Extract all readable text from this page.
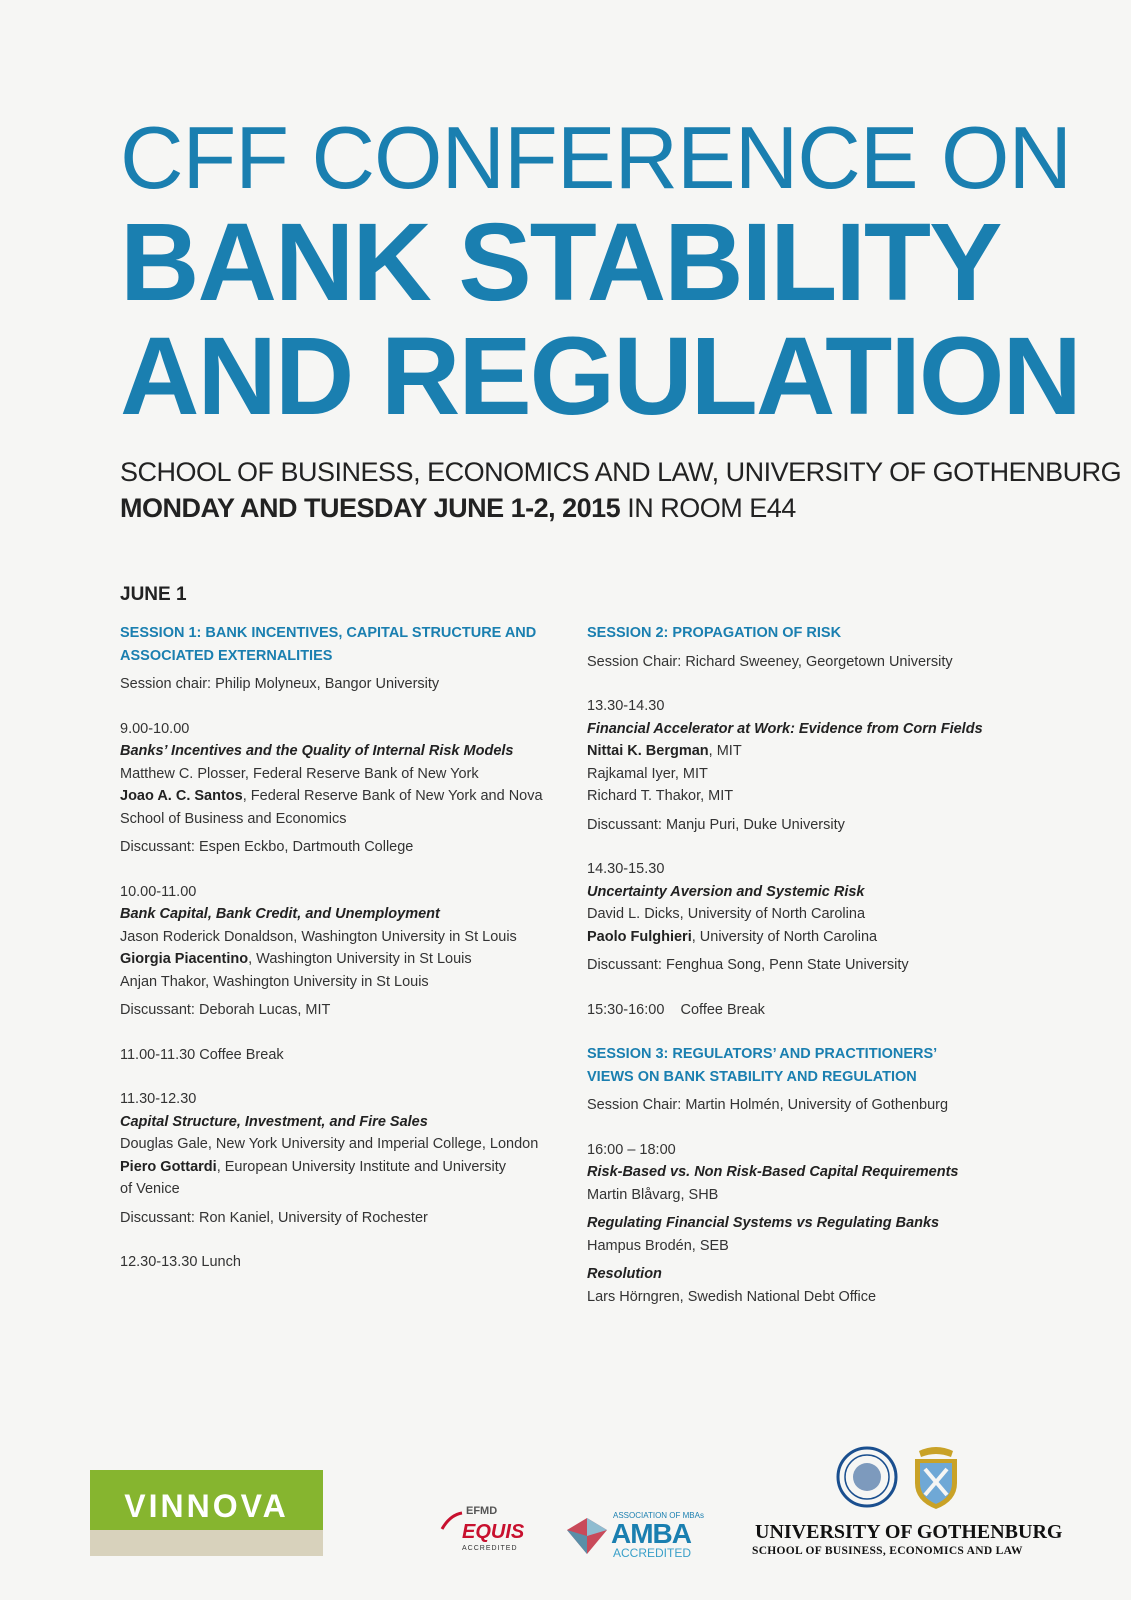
CFF CONFERENCE ON
BANK STABILITY
AND REGULATION
SCHOOL OF BUSINESS, ECONOMICS AND LAW, UNIVERSITY OF GOTHENBURG
MONDAY AND TUESDAY JUNE 1-2, 2015 IN ROOM E44
JUNE 1
SESSION 1: BANK INCENTIVES, CAPITAL STRUCTURE AND ASSOCIATED EXTERNALITIES
Session chair: Philip Molyneux, Bangor University
9.00-10.00
Banks’ Incentives and the Quality of Internal Risk Models
Matthew C. Plosser, Federal Reserve Bank of New York
Joao A. C. Santos, Federal Reserve Bank of New York and Nova School of Business and Economics
Discussant: Espen Eckbo, Dartmouth College
10.00-11.00
Bank Capital, Bank Credit, and Unemployment
Jason Roderick Donaldson, Washington University in St Louis
Giorgia Piacentino, Washington University in St Louis
Anjan Thakor, Washington University in St Louis
Discussant: Deborah Lucas, MIT
11.00-11.30 Coffee Break
11.30-12.30
Capital Structure, Investment, and Fire Sales
Douglas Gale, New York University and Imperial College, London
Piero Gottardi, European University Institute and University of Venice
Discussant: Ron Kaniel, University of Rochester
12.30-13.30 Lunch
SESSION 2: PROPAGATION OF RISK
Session Chair: Richard Sweeney, Georgetown University
13.30-14.30
Financial Accelerator at Work: Evidence from Corn Fields
Nittai K. Bergman, MIT
Rajkamal Iyer, MIT
Richard T. Thakor, MIT
Discussant: Manju Puri, Duke University
14.30-15.30
Uncertainty Aversion and Systemic Risk
David L. Dicks, University of North Carolina
Paolo Fulghieri, University of North Carolina
Discussant: Fenghua Song, Penn State University
15:30-16:00    Coffee Break
SESSION 3: REGULATORS’ AND PRACTITIONERS’ VIEWS ON BANK STABILITY AND REGULATION
Session Chair: Martin Holmén, University of Gothenburg
16:00 – 18:00
Risk-Based vs. Non Risk-Based Capital Requirements
Martin Blåvarg, SHB
Regulating Financial Systems vs Regulating Banks
Hampus Brodén, SEB
Resolution
Lars Hörngren, Swedish National Debt Office
VINNOVA	EFMD
EQUIS
ACCREDITED
ASSOCIATION OF MBAs
AMBA
ACCREDITED
UNIVERSITY OF GOTHENBURG
SCHOOL OF BUSINESS, ECONOMICS AND LAW
